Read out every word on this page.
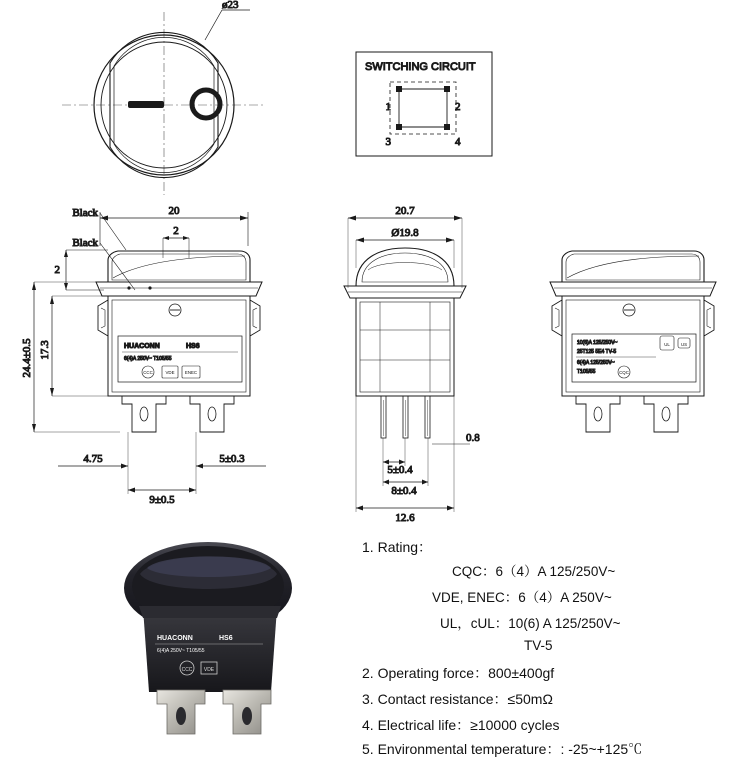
ø23
SWITCHING CIRCUIT
1	2
3	4
20
2
Black
Black
2
HUACONN	HS6
6(4)A 250V~ T105/55
CCC	VDE ENEC
17.3
24.4±0.5
4.75	5±0.3
9±0.5
20.7
Ø19.8
0.8
5±0.4
8±0.4
12.6
10(6)A 125/250V~
25T125 5E4 TV-5
6(4)A 125/250V~
T105/55	CQC
UL	US
HUACONN	HS6
6(4)A 250V~ T105/55
CCC VDE
1. Rating：
CQC：6（4）A 125/250V~
VDE, ENEC：6（4）A 250V~
UL，cUL：10(6) A 125/250V~
TV-5
2. Operating force：800±400gf
3. Contact resistance：≤50mΩ
4. Electrical life：≥10000 cycles
5. Environmental temperature：: -25~+125℃
